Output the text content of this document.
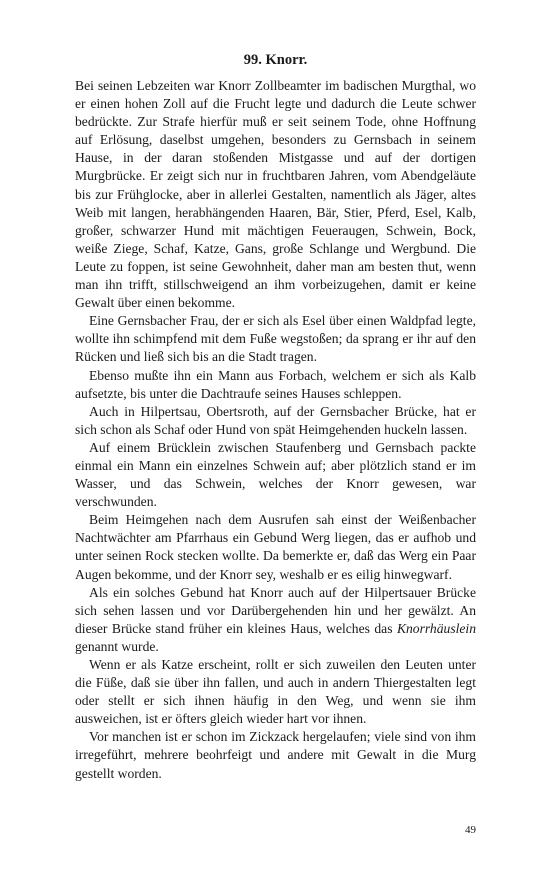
99. Knorr.

Bei seinen Lebzeiten war Knorr Zollbeamter im badischen Murgthal, wo er einen hohen Zoll auf die Frucht legte und dadurch die Leute schwer bedrückte. Zur Strafe hierfür muß er seit seinem Tode, ohne Hoffnung auf Erlösung, daselbst umgehen, besonders zu Gernsbach in seinem Hause, in der daran stoßenden Mistgasse und auf der dortigen Murgbrücke. Er zeigt sich nur in fruchtbaren Jahren, vom Abendgeläute bis zur Frühglocke, aber in allerlei Gestalten, namentlich als Jäger, altes Weib mit langen, herabhängenden Haaren, Bär, Stier, Pferd, Esel, Kalb, großer, schwarzer Hund mit mächtigen Feueraugen, Schwein, Bock, weiße Ziege, Schaf, Katze, Gans, große Schlange und Wergbund. Die Leute zu foppen, ist seine Gewohnheit, daher man am besten thut, wenn man ihn trifft, stillschweigend an ihm vorbeizugehen, damit er keine Gewalt über einen bekomme.

Eine Gernsbacher Frau, der er sich als Esel über einen Waldpfad legte, wollte ihn schimpfend mit dem Fuße wegstoßen; da sprang er ihr auf den Rücken und ließ sich bis an die Stadt tragen.

Ebenso mußte ihn ein Mann aus Forbach, welchem er sich als Kalb aufsetzte, bis unter die Dachtraufe seines Hauses schleppen.

Auch in Hilpertsau, Obertsroth, auf der Gernsbacher Brücke, hat er sich schon als Schaf oder Hund von spät Heimgehenden huckeln lassen.

Auf einem Brücklein zwischen Staufenberg und Gernsbach packte einmal ein Mann ein einzelnes Schwein auf; aber plötzlich stand er im Wasser, und das Schwein, welches der Knorr gewesen, war verschwunden.

Beim Heimgehen nach dem Ausrufen sah einst der Weißenbacher Nachtwächter am Pfarrhaus ein Gebund Werg liegen, das er aufhob und unter seinen Rock stecken wollte. Da bemerkte er, daß das Werg ein Paar Augen bekomme, und der Knorr sey, weshalb er es eilig hinwegwarf.

Als ein solches Gebund hat Knorr auch auf der Hilpertsauer Brücke sich sehen lassen und vor Darübergehenden hin und her gewälzt. An dieser Brücke stand früher ein kleines Haus, welches das Knorrhäuslein genannt wurde.

Wenn er als Katze erscheint, rollt er sich zuweilen den Leuten unter die Füße, daß sie über ihn fallen, und auch in andern Thiergestalten legt oder stellt er sich ihnen häufig in den Weg, und wenn sie ihm ausweichen, ist er öfters gleich wieder hart vor ihnen.

Vor manchen ist er schon im Zickzack hergelaufen; viele sind von ihm irregeführt, mehrere beohrfeigt und andere mit Gewalt in die Murg gestellt worden.

49
